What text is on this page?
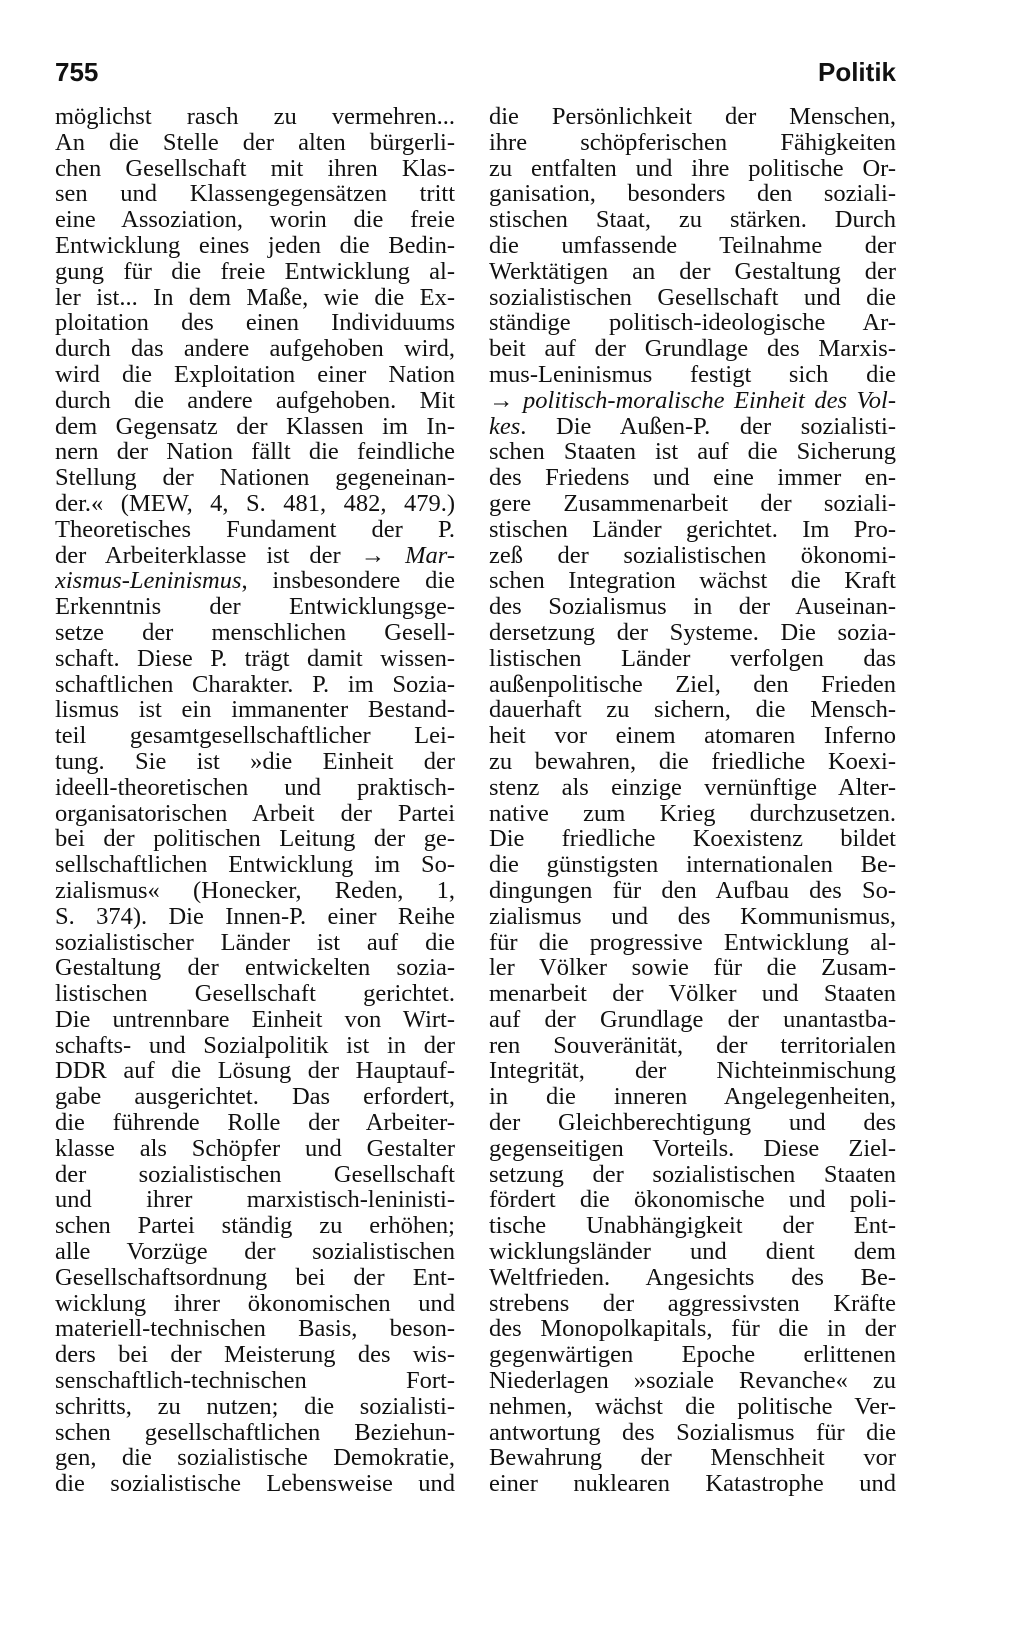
755	Politik
möglichst rasch zu vermehren...
An die Stelle der alten bürgerli-
chen Gesellschaft mit ihren Klas-
sen und Klassengegensätzen tritt
eine Assoziation, worin die freie
Entwicklung eines jeden die Bedin-
gung für die freie Entwicklung al-
ler ist... In dem Maße, wie die Ex-
ploitation des einen Individuums
durch das andere aufgehoben wird,
wird die Exploitation einer Nation
durch die andere aufgehoben. Mit
dem Gegensatz der Klassen im In-
nern der Nation fällt die feindliche
Stellung der Nationen gegeneinan-
der.« (MEW, 4, S. 481, 482, 479.)
Theoretisches Fundament der P.
der Arbeiterklasse ist der → Mar-
xismus-Leninismus, insbesondere die
Erkenntnis der Entwicklungsge-
setze der menschlichen Gesell-
schaft. Diese P. trägt damit wissen-
schaftlichen Charakter. P. im Sozia-
lismus ist ein immanenter Bestand-
teil gesamtgesellschaftlicher Lei-
tung. Sie ist »die Einheit der
ideell-theoretischen und praktisch-
organisatorischen Arbeit der Partei
bei der politischen Leitung der ge-
sellschaftlichen Entwicklung im So-
zialismus« (Honecker, Reden, 1,
S. 374). Die Innen-P. einer Reihe
sozialistischer Länder ist auf die
Gestaltung der entwickelten sozia-
listischen Gesellschaft gerichtet.
Die untrennbare Einheit von Wirt-
schafts- und Sozialpolitik ist in der
DDR auf die Lösung der Hauptauf-
gabe ausgerichtet. Das erfordert,
die führende Rolle der Arbeiter-
klasse als Schöpfer und Gestalter
der sozialistischen Gesellschaft
und ihrer marxistisch-leninisti-
schen Partei ständig zu erhöhen;
alle Vorzüge der sozialistischen
Gesellschaftsordnung bei der Ent-
wicklung ihrer ökonomischen und
materiell-technischen Basis, beson-
ders bei der Meisterung des wis-
senschaftlich-technischen Fort-
schritts, zu nutzen; die sozialisti-
schen gesellschaftlichen Beziehun-
gen, die sozialistische Demokratie,
die sozialistische Lebensweise und
die Persönlichkeit der Menschen,
ihre schöpferischen Fähigkeiten
zu entfalten und ihre politische Or-
ganisation, besonders den soziali-
stischen Staat, zu stärken. Durch
die umfassende Teilnahme der
Werktätigen an der Gestaltung der
sozialistischen Gesellschaft und die
ständige politisch-ideologische Ar-
beit auf der Grundlage des Marxis-
mus-Leninismus festigt sich die
→ politisch-moralische Einheit des Vol-
kes. Die Außen-P. der sozialisti-
schen Staaten ist auf die Sicherung
des Friedens und eine immer en-
gere Zusammenarbeit der soziali-
stischen Länder gerichtet. Im Pro-
zeß der sozialistischen ökonomi-
schen Integration wächst die Kraft
des Sozialismus in der Auseinan-
dersetzung der Systeme. Die sozia-
listischen Länder verfolgen das
außenpolitische Ziel, den Frieden
dauerhaft zu sichern, die Mensch-
heit vor einem atomaren Inferno
zu bewahren, die friedliche Koexi-
stenz als einzige vernünftige Alter-
native zum Krieg durchzusetzen.
Die friedliche Koexistenz bildet
die günstigsten internationalen Be-
dingungen für den Aufbau des So-
zialismus und des Kommunismus,
für die progressive Entwicklung al-
ler Völker sowie für die Zusam-
menarbeit der Völker und Staaten
auf der Grundlage der unantastba-
ren Souveränität, der territorialen
Integrität, der Nichteinmischung
in die inneren Angelegenheiten,
der Gleichberechtigung und des
gegenseitigen Vorteils. Diese Ziel-
setzung der sozialistischen Staaten
fördert die ökonomische und poli-
tische Unabhängigkeit der Ent-
wicklungsländer und dient dem
Weltfrieden. Angesichts des Be-
strebens der aggressivsten Kräfte
des Monopolkapitals, für die in der
gegenwärtigen Epoche erlittenen
Niederlagen »soziale Revanche« zu
nehmen, wächst die politische Ver-
antwortung des Sozialismus für die
Bewahrung der Menschheit vor
einer nuklearen Katastrophe und
